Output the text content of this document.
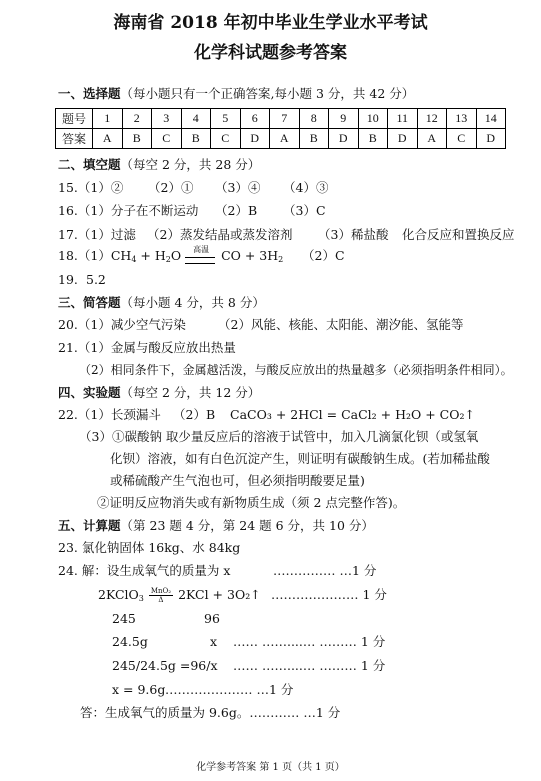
海南省 2018 年初中毕业生学业水平考试
化学科试题参考答案
一、选择题（每小题只有一个正确答案,每小题 3 分，共 42 分）
题号	1	2	3	4	5	6	7	8	9	10	11	12	13	14
答案	A	B	C	B	C	D	A	B	D	B	D	A	C	D
二、填空题（每空 2 分，共 28 分）
15.（1）② （2）① （3）④ （4）③
16.（1）分子在不断运动 （2）B （3）C
17.（1）过滤 （2）蒸发结晶或蒸发溶剂 （3）稀盐酸 化合反应和置换反应
$18.(1)CH_4 + H_2O$	高温 CO + $3H_2$ （2）C
19. 5.2
三、简答题（每小题 4 分，共 8 分）
20.（1）减少空气污染	（2）风能、核能、太阳能、潮汐能、氢能等
21.（1）金属与酸反应放出热量
（2）相同条件下，金属越活泼，与酸反应放出的热量越多（必须指明条件相同）。
四、实验题（每空 2 分，共 12 分）
22.（1）长颈漏斗 （2）B CaCO₃ + 2HCl = CaCl₂ + H₂O + CO₂↑
（3）①碳酸钠 取少量反应后的溶液于试管中，加入几滴氯化钡（或氢氧
化钡）溶液，如有白色沉淀产生，则证明有碳酸钠生成。(若加稀盐酸
或稀硫酸产生气泡也可，但必须指明酸要足量)
②证明反应物消失或有新物质生成（须 2 点完整作答)。
五、计算题（第 23 题 4 分，第 24 题 6 分，共 10 分）
23. 氯化钠固体 16kg、水 84kg
24. 解：设生成氧气的质量为 x	…………… …1 分
2KClO$_3$ $\frac{\text{MnO₂}}{\Delta} 2KCl$ + 3O₂↑ ………………… 1 分
245	96
24.5g	x …… ……....… ……… 1 分
245/24.5g =96/x …… ……....… ……… 1 分
x = 9.6g ………………… …1 分
答：生成氧气的质量为 9.6g。………… …1 分
化学参考答案 第 1 页（共 1 页）
